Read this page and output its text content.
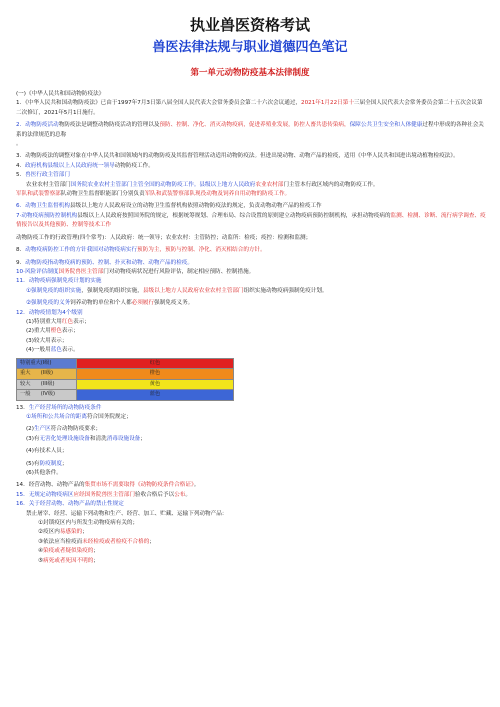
执业兽医资格考试
兽医法律法规与职业道德四色笔记
第一单元动物防疫基本法律制度

(一)《中华人民共和国动物防疫法》

1．《中华人民共和国动物防疫法》已由于1997年7月3日第八届全国人民代表大会常务委员会第二十六次会议通过，2021年1月22日第十三届全国人民代表大会常务委员会第二十五次会议第二次修订，2021年5月1日施行。

2．动物防疫活动物防疫法是调整动物防疫活动的管理以及预防、控制、净化、消灭动物疫病，促进养殖业发展，防控人畜共患传染病，保障公共卫生安全和人体健康过程中形成的各种社会关系的法律规范的总称

。

3．动物防疫法的调整对象在中华人民共和国领域内的动物防疫及其监督管理活动适用动物防疫法。但进出境动物、动物产品的检疫，适用《中华人民共和国进出境动植物检疫法》。

4．政府机构县级以上人民政府统一领导动物防疫工作。

5．兽医行政主管部门

农业农村主管部门国务院农业农村主管部门主管全国的动物防疫工作。县级以上地方人民政府农业农村部门主管本行政区域内的动物防疫工作。

军队和武装警察部队动物卫生监督职能部门分别负责军队和武装警察部队现役动物及饲养自用动物的防疫工作。

6．动物卫生监督机构县级以上地方人民政府设立的动物卫生监督机构依照动物防疫法的规定，负责动物动物产品的检疫工作

7·动物疫病预防控制机构县级以上人民政府按照国务院的规定，根据统筹规划、合理布局、综合设置的原则建立动物疫病预防控制机构，承担动物疫病的监测、检测、诊断、流行病学调查、疫情报告以及其他预防、控制等技术工作

动物防疫工作的行政管理(四个常考)：人民政府：统一领导；农业农村：主管防控；动监所：检疫；疫控：检测和监测；

8．动物疫病防控工作的方针我国对动物疫病实行预防为主，预防与控制、净化、消灭相结合的方针。

9．动物防疫指动物疫病的预防、控制、扑灭和动物、动物产品的检疫。

10·风险评估制度国务院兽医主管部门对动物疫病状况进行风险评估，制定相应预防、控制措施。

11．动物疫病强制免疫计划的实施

①强制免疫的组织实施，强制免疫的组织实施，县级以上地方人民政府农业农村主管部门组织实施动物疫病强制免疫计划。

②强制免疫的义务饲养动物的单位和个人都必须履行强制免疫义务。

12．动物疫情划为4个级别

(1)特别重大用红色表示；

(2)重大用橙色表示；

(3)较大用表示；

(4)一般用蓝色表示。

特别重大(I级)	红色
重大　　(II级)	橙色
较大　　(III级)	黄色
一般　　(IV级)	蓝色

13．生产经营场所的动物防疫条件

①场所和公共场合的距离符合国务院规定；

(2)生产区符合动物防疫要求；

(3)有无害化处理设施设备和清洗消毒设施设备；

(4)有技术人员；

(5)有防疫制度；

(6)其他条件。

14．经营动物、动物产品的集贸市场不需要取得《动物防疫条件合格证》。

15．无规定动物疫病区应经国务院兽医主管部门验收合格后予以公布。

16．关于经营动物、动物产品的禁止性规定

禁止屠宰、经营、运输下列动物和生产、经营、加工、贮藏、运输下列动物产品：

①封锁疫区内与所发生动物疫病有关的；

②疫区内易感染的；

③依法应当检疫而未经检疫或者检疫不合格的；

④染疫或者疑似染疫的；

⑤病死或者死因不明的；
